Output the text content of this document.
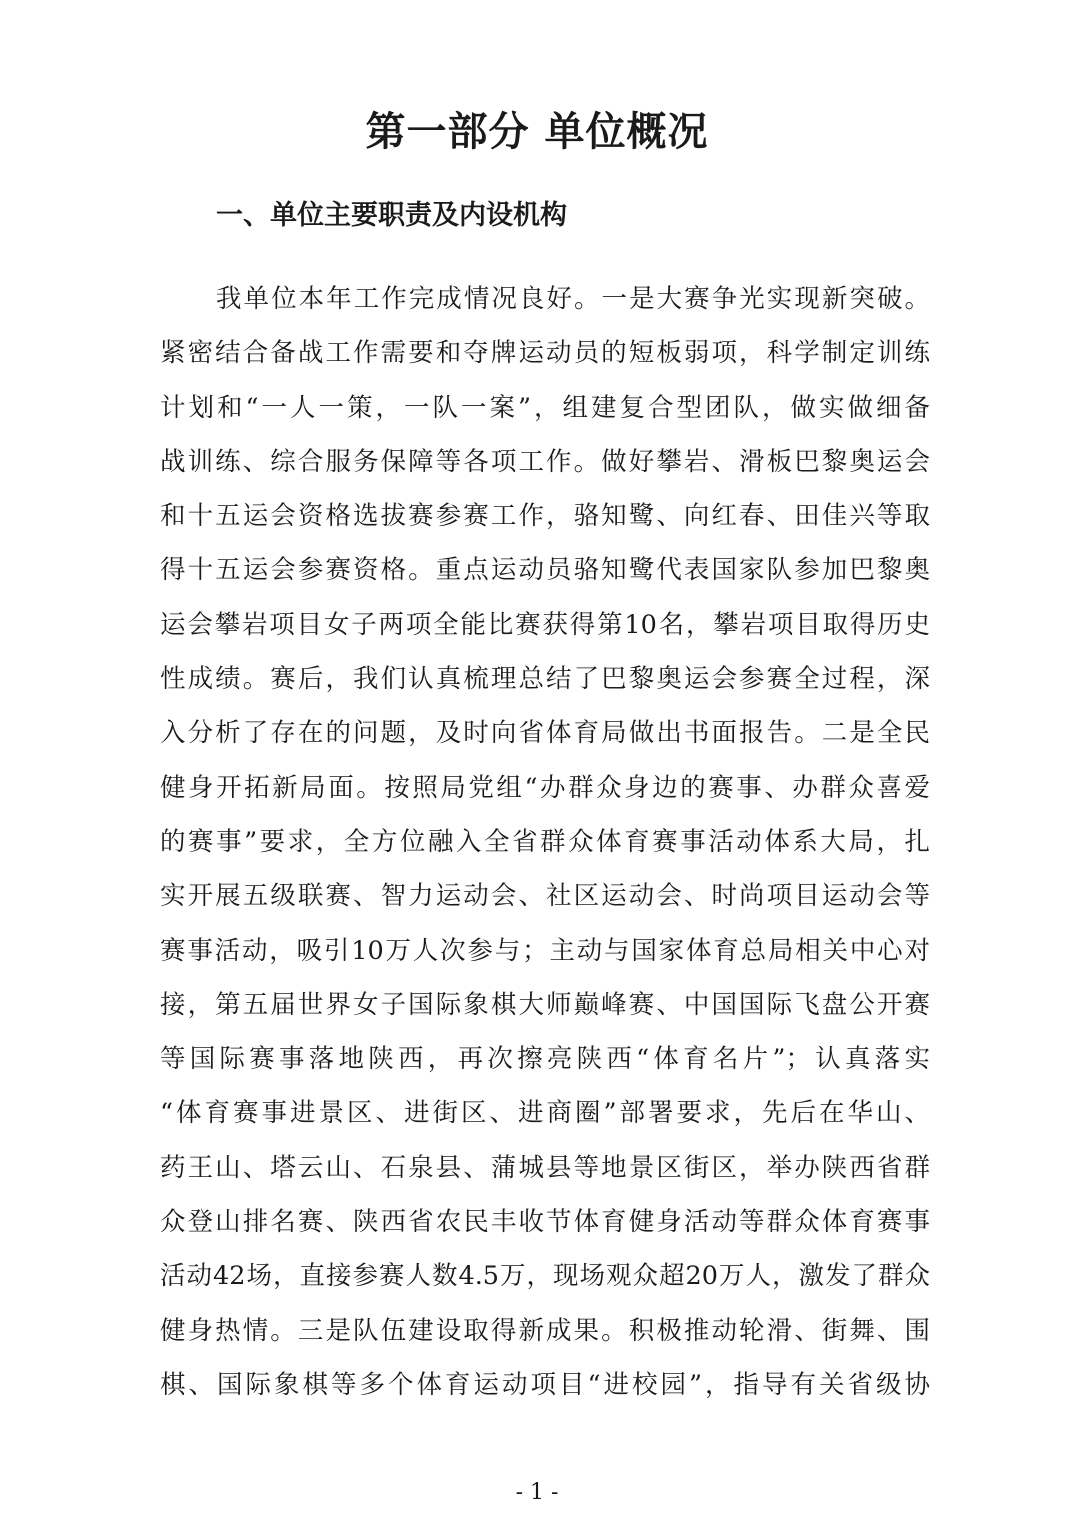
第一部分 单位概况
一、单位主要职责及内设机构
我单位本年工作完成情况良好。一是大赛争光实现新突破。
紧密结合备战工作需要和夺牌运动员的短板弱项，科学制定训练
计划和“一人一策，一队一案”，组建复合型团队，做实做细备
战训练、综合服务保障等各项工作。做好攀岩、滑板巴黎奥运会
和十五运会资格选拔赛参赛工作，骆知鹭、向红春、田佳兴等取
得十五运会参赛资格。重点运动员骆知鹭代表国家队参加巴黎奥
运会攀岩项目女子两项全能比赛获得第10名，攀岩项目取得历史
性成绩。赛后，我们认真梳理总结了巴黎奥运会参赛全过程，深
入分析了存在的问题，及时向省体育局做出书面报告。二是全民
健身开拓新局面。按照局党组“办群众身边的赛事、办群众喜爱
的赛事”要求，全方位融入全省群众体育赛事活动体系大局，扎
实开展五级联赛、智力运动会、社区运动会、时尚项目运动会等
赛事活动，吸引10万人次参与；主动与国家体育总局相关中心对
接，第五届世界女子国际象棋大师巅峰赛、中国国际飞盘公开赛
等国际赛事落地陕西，再次擦亮陕西“体育名片”；认真落实
“体育赛事进景区、进街区、进商圈”部署要求，先后在华山、
药王山、塔云山、石泉县、蒲城县等地景区街区，举办陕西省群
众登山排名赛、陕西省农民丰收节体育健身活动等群众体育赛事
活动42场，直接参赛人数4.5万，现场观众超20万人，激发了群众
健身热情。三是队伍建设取得新成果。积极推动轮滑、街舞、围
棋、国际象棋等多个体育运动项目“进校园”，指导有关省级协
- 1 -
